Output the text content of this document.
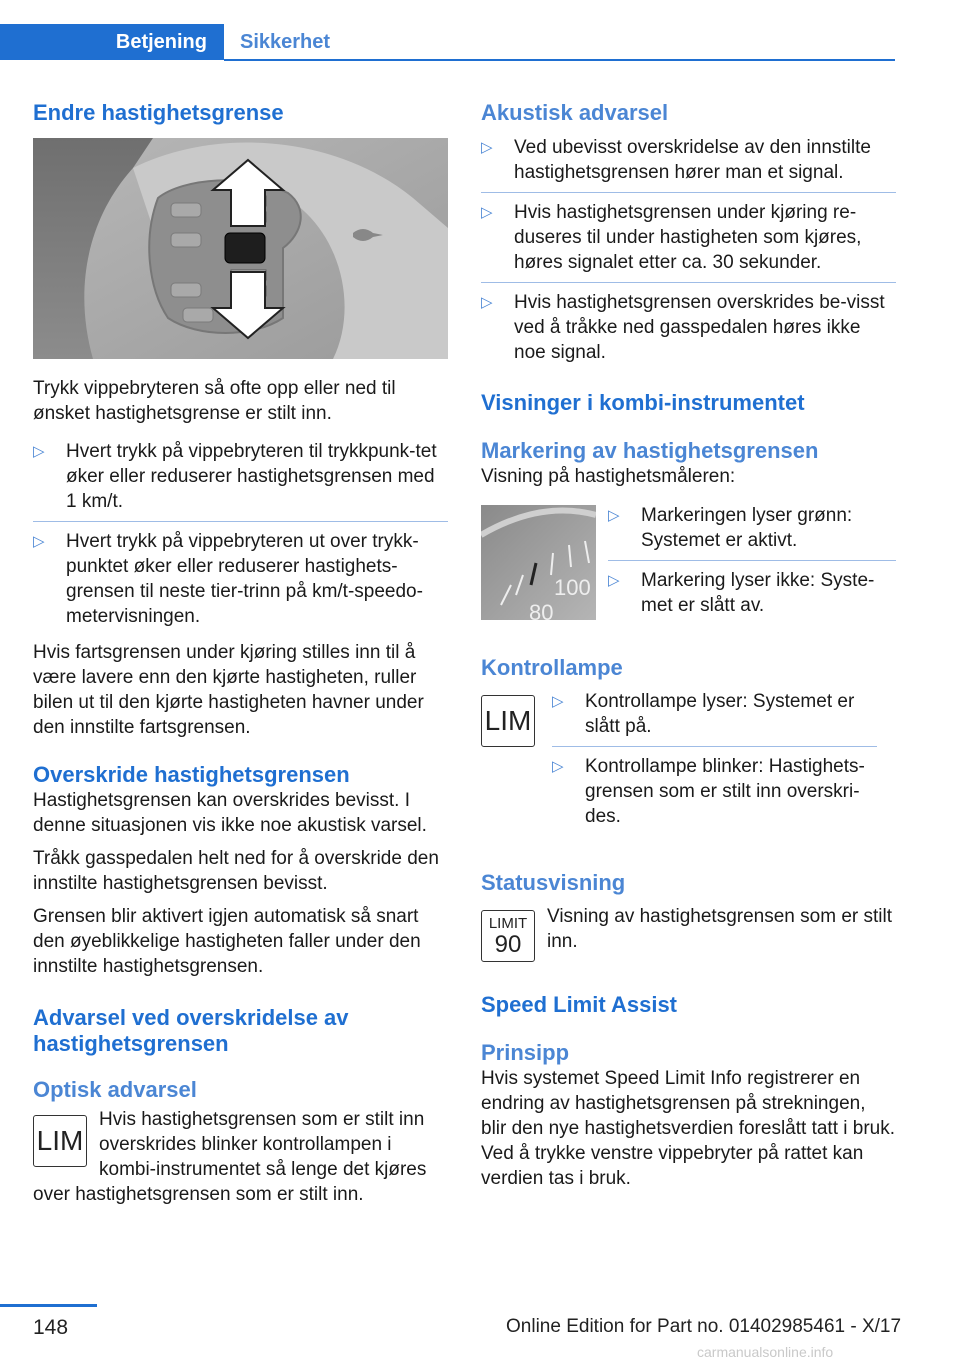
Betjening	Sikkerhet
Endre hastighetsgrense

Trykk vippebryteren så ofte opp eller ned til ønsket hastighetsgrense er stilt inn.

▷ Hvert trykk på vippebryteren til trykkpunk-tet øker eller reduserer hastighetsgrensen med 1 km/t.
▷ Hvert trykk på vippebryteren ut over trykk-punktet øker eller reduserer hastighets-grensen til neste tier-trinn på km/t-speedo-metervisningen.

Hvis fartsgrensen under kjøring stilles inn til å være lavere enn den kjørte hastigheten, ruller bilen ut til den kjørte hastigheten havner under den innstilte fartsgrensen.

Overskride hastighetsgrensen

Hastighetsgrensen kan overskrides bevisst. I denne situasjonen vis ikke noe akustisk varsel.

Tråkk gasspedalen helt ned for å overskride den innstilte hastighetsgrensen bevisst.

Grensen blir aktivert igjen automatisk så snart den øyeblikkelige hastigheten faller under den innstilte hastighetsgrensen.

Advarsel ved overskridelse av hastighetsgrensen
Optisk advarsel
LIM

Hvis hastighetsgrensen som er stilt inn overskrides blinker kontrollampen i kombi-instrumentet så lenge det kjøres over hastighetsgrensen som er stilt inn.

Akustisk advarsel
▷ Ved ubevisst overskridelse av den innstilte hastighetsgrensen hører man et signal.
▷ Hvis hastighetsgrensen under kjøring re-duseres til under hastigheten som kjøres, høres signalet etter ca. 30 sekunder.
▷ Hvis hastighetsgrensen overskrides be-visst ved å tråkke ned gasspedalen høres ikke noe signal.
Visninger i kombi-instrumentet
Markering av hastighetsgrensen

Visning på hastighetsmåleren:

100
80
▷ Markeringen lyser grønn: Systemet er aktivt.
▷ Markering lyser ikke: Syste-met er slått av.
Kontrollampe
LIM
▷ Kontrollampe lyser: Systemet er slått på.
▷ Kontrollampe blinker: Hastighets-grensen som er stilt inn overskri-des.
Statusvisning
LIMIT
90

Visning av hastighetsgrensen som er stilt inn.

Speed Limit Assist
Prinsipp

Hvis systemet Speed Limit Info registrerer en endring av hastighetsgrensen på strekningen, blir den nye hastighetsverdien foreslått tatt i bruk. Ved å trykke venstre vippebryter på rattet kan verdien tas i bruk.

148	Online Edition for Part no. 01402985461 - X/17
carmanualsonline.info
